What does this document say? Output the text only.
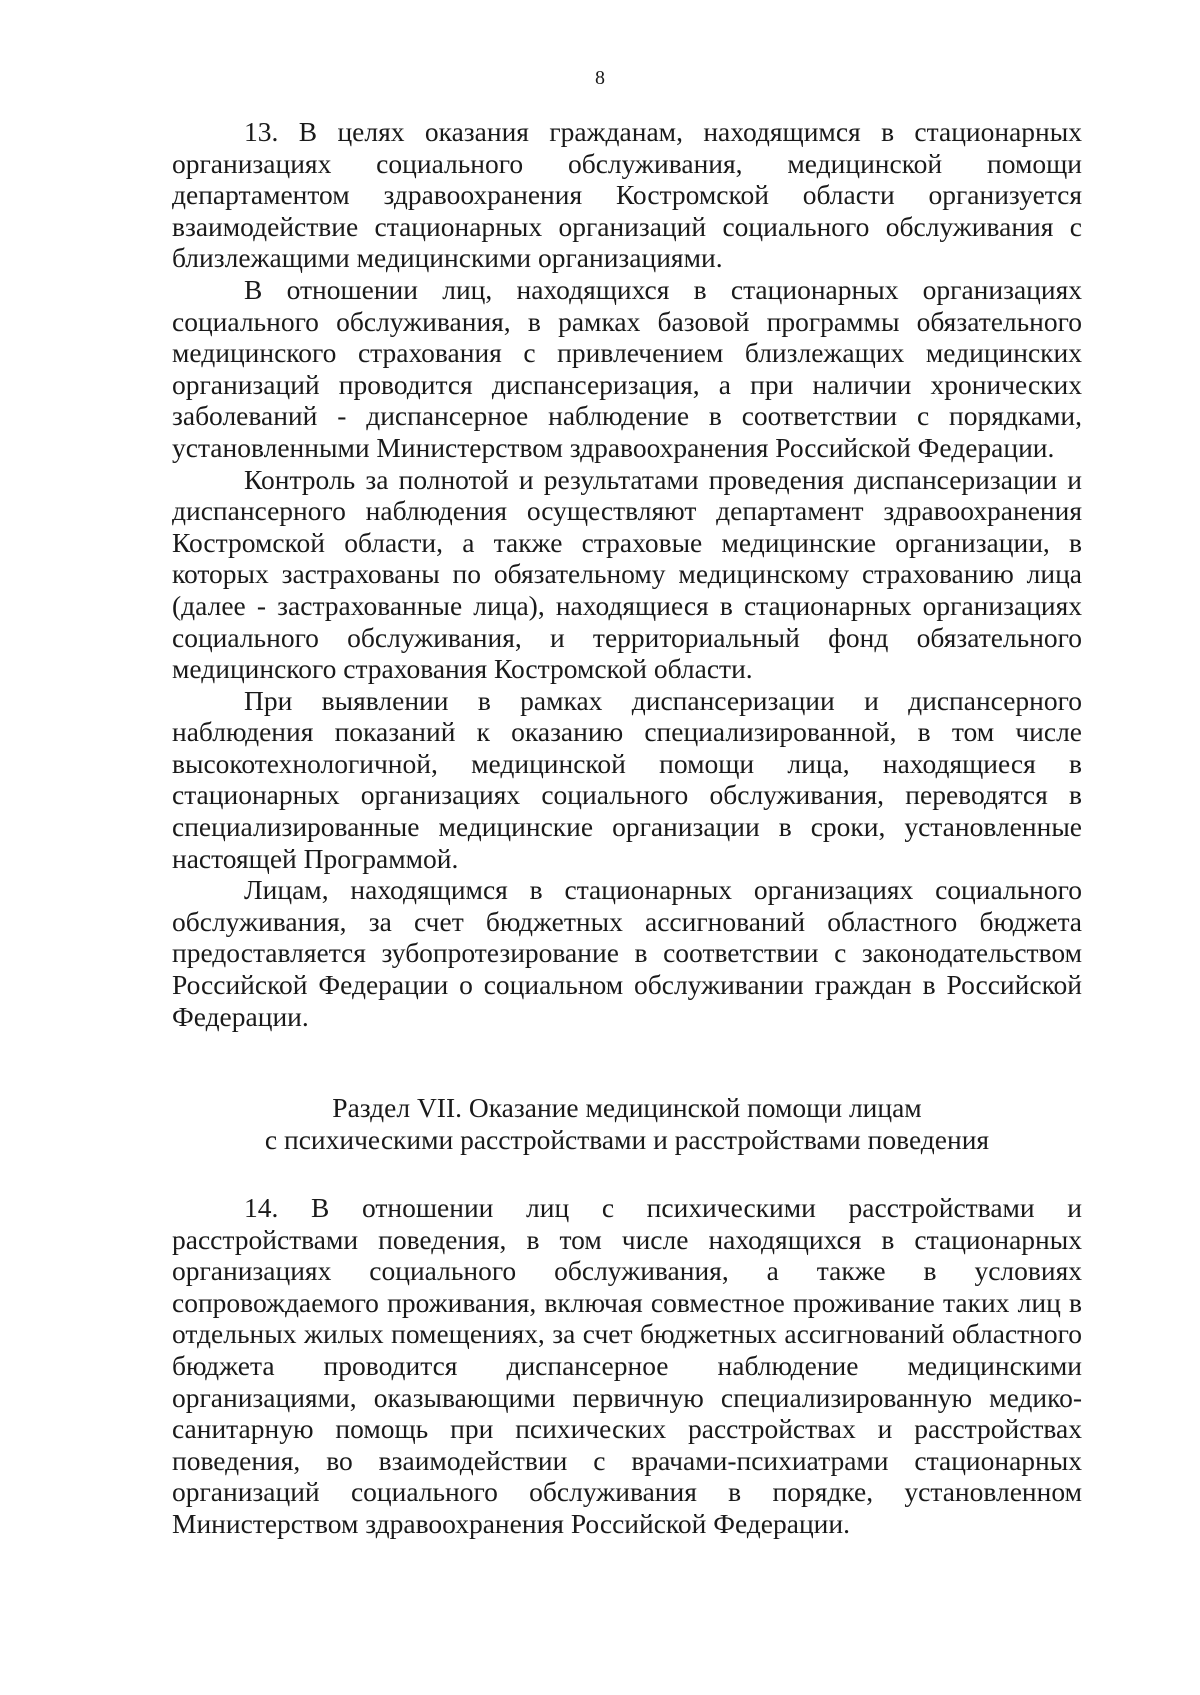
8

13. В целях оказания гражданам, находящимся в стационарных организациях социального обслуживания, медицинской помощи департаментом здравоохранения Костромской области организуется взаимодействие стационарных организаций социального обслуживания с близлежащими медицинскими организациями.

В отношении лиц, находящихся в стационарных организациях социального обслуживания, в рамках базовой программы обязательного медицинского страхования с привлечением близлежащих медицинских организаций проводится диспансеризация, а при наличии хронических заболеваний - диспансерное наблюдение в соответствии с порядками, установленными Министерством здравоохранения Российской Федерации.

Контроль за полнотой и результатами проведения диспансеризации и диспансерного наблюдения осуществляют департамент здравоохранения Костромской области, а также страховые медицинские организации, в которых застрахованы по обязательному медицинскому страхованию лица (далее - застрахованные лица), находящиеся в стационарных организациях социального обслуживания, и территориальный фонд обязательного медицинского страхования Костромской области.

При выявлении в рамках диспансеризации и диспансерного наблюдения показаний к оказанию специализированной, в том числе высокотехнологичной, медицинской помощи лица, находящиеся в стационарных организациях социального обслуживания, переводятся в специализированные медицинские организации в сроки, установленные настоящей Программой.

Лицам, находящимся в стационарных организациях социального обслуживания, за счет бюджетных ассигнований областного бюджета предоставляется зубопротезирование в соответствии с законодательством Российской Федерации о социальном обслуживании граждан в Российской Федерации.

Раздел VII. Оказание медицинской помощи лицам
с психическими расстройствами и расстройствами поведения

14. В отношении лиц с психическими расстройствами и расстройствами поведения, в том числе находящихся в стационарных организациях социального обслуживания, а также в условиях сопровождаемого проживания, включая совместное проживание таких лиц в отдельных жилых помещениях, за счет бюджетных ассигнований областного бюджета проводится диспансерное наблюдение медицинскими организациями, оказывающими первичную специализированную медико-санитарную помощь при психических расстройствах и расстройствах поведения, во взаимодействии с врачами-психиатрами стационарных организаций социального обслуживания в порядке, установленном Министерством здравоохранения Российской Федерации.
